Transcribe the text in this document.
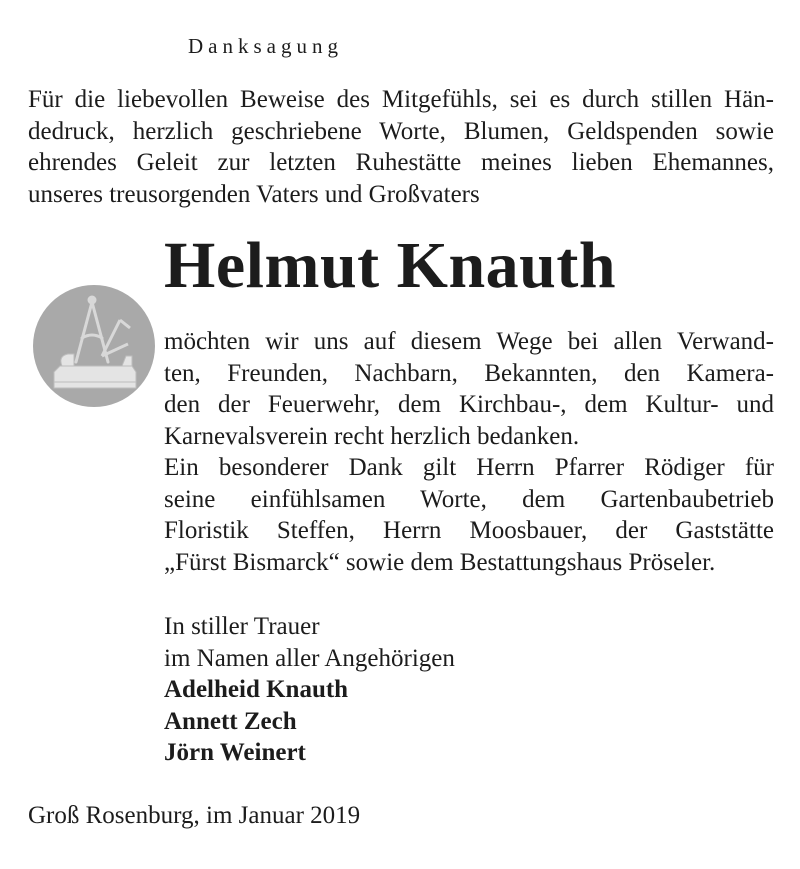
Danksagung
Für die liebevollen Beweise des Mitgefühls, sei es durch stillen Hän-
dedruck, herzlich geschriebene Worte, Blumen, Geldspenden sowie
ehrendes Geleit zur letzten Ruhestätte meines lieben Ehemannes,
unseres treusorgenden Vaters und Großvaters
Helmut Knauth
möchten wir uns auf diesem Wege bei allen Verwand-
ten, Freunden, Nachbarn, Bekannten, den Kamera-
den der Feuerwehr, dem Kirchbau-, dem Kultur- und
Karnevalsverein recht herzlich bedanken.
Ein besonderer Dank gilt Herrn Pfarrer Rödiger für
seine einfühlsamen Worte, dem Gartenbaubetrieb
Floristik Steffen, Herrn Moosbauer, der Gaststätte
„Fürst Bismarck“ sowie dem Bestattungshaus Pröseler.
In stiller Trauer
im Namen aller Angehörigen
Adelheid Knauth
Annett Zech
Jörn Weinert
Groß Rosenburg, im Januar 2019
